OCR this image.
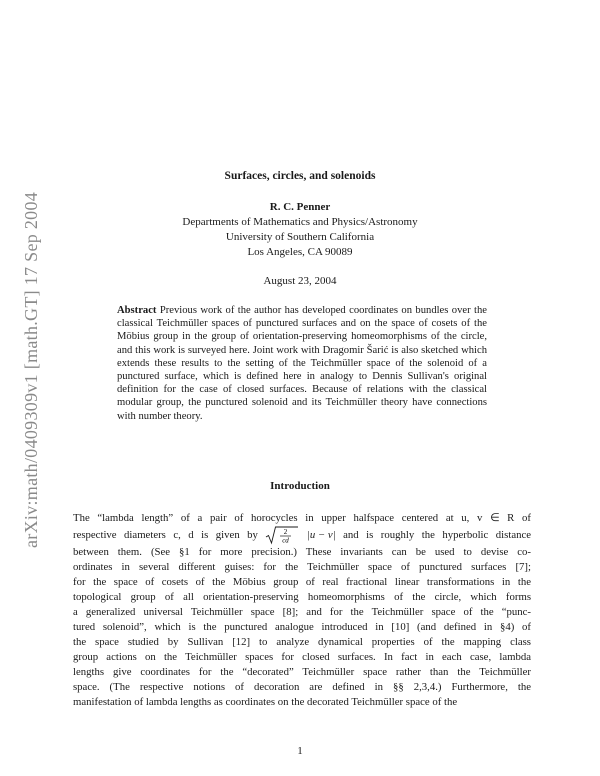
arXiv:math/0409309v1 [math.GT] 17 Sep 2004
Surfaces, circles, and solenoids
R. C. Penner
Departments of Mathematics and Physics/Astronomy
University of Southern California
Los Angeles, CA 90089
August 23, 2004
Abstract Previous work of the author has developed coordinates on bundles over the classical Teichmüller spaces of punctured surfaces and on the space of cosets of the Möbius group in the group of orientation-preserving homeomorphisms of the circle, and this work is surveyed here. Joint work with Dragomir Šarić is also sketched which extends these results to the setting of the Teichmüller space of the solenoid of a punctured surface, which is defined here in analogy to Dennis Sullivan's original definition for the case of closed surfaces. Because of relations with the classical modular group, the punctured solenoid and its Teichmüller theory have connections with number theory.
Introduction
The “lambda length” of a pair of horocycles in upper halfspace centered at u, v ∈ R of
respective diameters c, d is given by	2
cd |u − v| and is roughly the hyperbolic distance
between them. (See §1 for more precision.) These invariants can be used to devise co-
ordinates in several different guises: for the Teichmüller space of punctured surfaces [7];
for the space of cosets of the Möbius group of real fractional linear transformations in the
topological group of all orientation-preserving homeomorphisms of the circle, which forms
a generalized universal Teichmüller space [8]; and for the Teichmüller space of the “punc-
tured solenoid”, which is the punctured analogue introduced in [10] (and defined in §4) of
the space studied by Sullivan [12] to analyze dynamical properties of the mapping class
group actions on the Teichmüller spaces for closed surfaces. In fact in each case, lambda
lengths give coordinates for the “decorated” Teichmüller space rather than the Teichmüller
space. (The respective notions of decoration are defined in §§ 2,3,4.) Furthermore, the
manifestation of lambda lengths as coordinates on the decorated Teichmüller space of the
1
